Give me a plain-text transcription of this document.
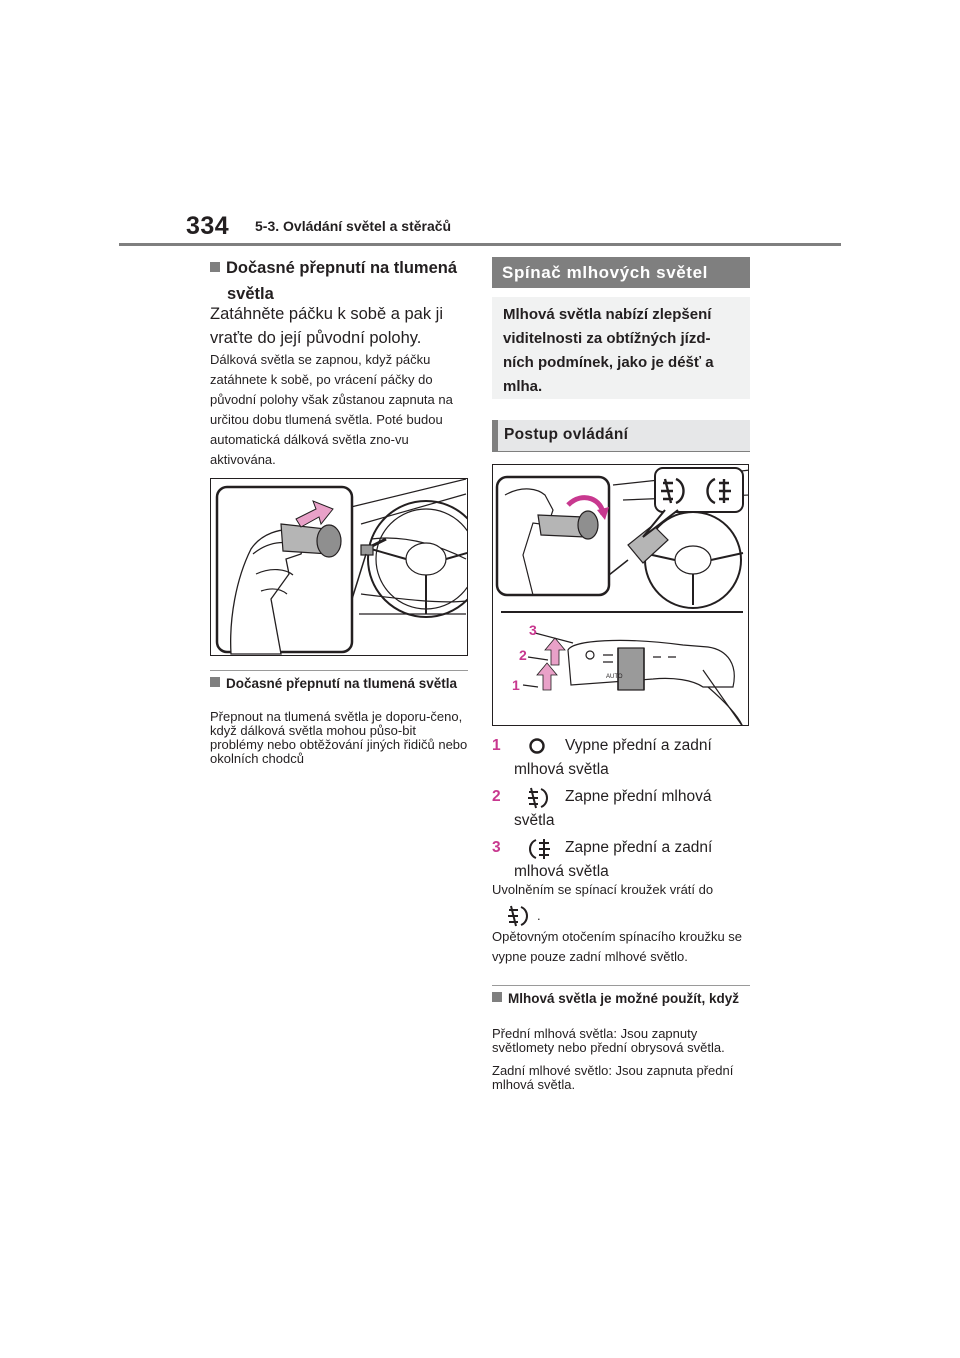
334 5-3. Ovládání světel a stěračů
Dočasné přepnutí na tlumená světla
Zatáhněte páčku k sobě a pak ji vraťte do její původní polohy.
Dálková světla se zapnou, když páčku zatáhnete k sobě, po vrácení páčky do původní polohy však zůstanou zapnuta na určitou dobu tlumená světla. Poté budou automatická dálková světla zno-vu aktivována.
Dočasné přepnutí na tlumená světla
Přepnout na tlumená světla je doporu-čeno, když dálková světla mohou půso-bit problémy nebo obtěžování jiných řidičů nebo okolních chodců
Spínač mlhových světel
Mlhová světla nabízí zlepšení viditelnosti za obtížných jízd-ních podmínek, jako je déšť a mlha.
Postup ovládání
AUTO
3
2
1
1	Vypne přední a zadní
mlhová světla
2	Zapne přední mlhová
světla
3	Zapne přední a zadní
mlhová světla
Uvolněním se spínací kroužek vrátí do
.
Opětovným otočením spínacího kroužku se vypne pouze zadní mlhové světlo.
Mlhová světla je možné použít, když
Přední mlhová světla: Jsou zapnuty světlomety nebo přední obrysová světla.
Zadní mlhové světlo: Jsou zapnuta přední mlhová světla.
